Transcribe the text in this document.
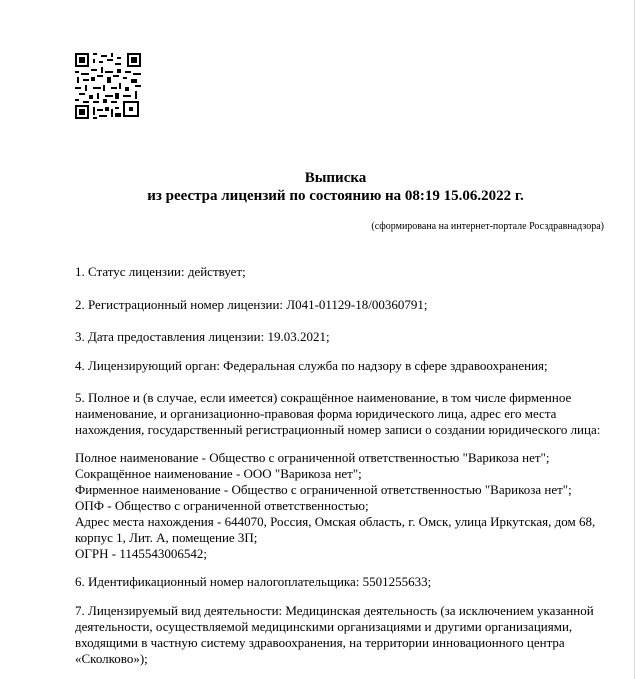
Выписка
из реестра лицензий по состоянию на 08:19 15.06.2022 г.
(сформирована на интернет-портале Росздравнадзора)
1. Статус лицензии: действует;
2. Регистрационный номер лицензии: Л041-01129-18/00360791;
3. Дата предоставления лицензии: 19.03.2021;
4. Лицензирующий орган: Федеральная служба по надзору в сфере здравоохранения;
5. Полное и (в случае, если имеется) сокращённое наименование, в том числе фирменное
наименование, и организационно-правовая форма юридического лица, адрес его места
нахождения, государственный регистрационный номер записи о создании юридического лица:
Полное наименование - Общество с ограниченной ответственностью "Варикоза нет";
Сокращённое наименование - ООО "Варикоза нет";
Фирменное наименование - Общество с ограниченной ответственностью "Варикоза нет";
ОПФ - Общество с ограниченной ответственностью;
Адрес места нахождения - 644070, Россия, Омская область, г. Омск, улица Иркутская, дом 68,
корпус 1, Лит. А, помещение 3П;
ОГРН - 1145543006542;
6. Идентификационный номер налогоплательщика: 5501255633;
7. Лицензируемый вид деятельности: Медицинская деятельность (за исключением указанной
деятельности, осуществляемой медицинскими организациями и другими организациями,
входящими в частную систему здравоохранения, на территории инновационного центра
«Сколково»);
